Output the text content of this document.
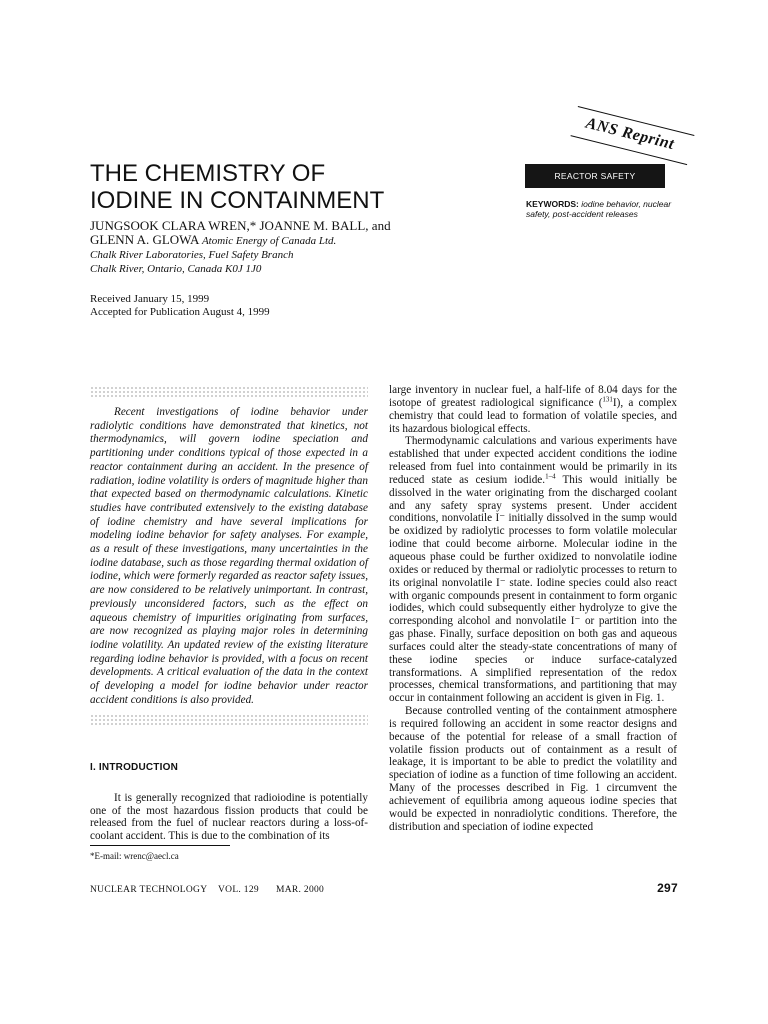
ANS Reprint
THE CHEMISTRY OF IODINE IN CONTAINMENT
REACTOR SAFETY
KEYWORDS: iodine behavior, nuclear safety, post-accident releases
JUNGSOOK CLARA WREN,* JOANNE M. BALL, and
GLENN A. GLOWA Atomic Energy of Canada Ltd.
Chalk River Laboratories, Fuel Safety Branch
Chalk River, Ontario, Canada K0J 1J0
Received January 15, 1999
Accepted for Publication August 4, 1999

Recent investigations of iodine behavior under radiolytic conditions have demonstrated that kinetics, not thermodynamics, will govern iodine speciation and partitioning under conditions typical of those expected in a reactor containment during an accident. In the presence of radiation, iodine volatility is orders of magnitude higher than that expected based on thermodynamic calculations. Kinetic studies have contributed extensively to the existing database of iodine chemistry and have several implications for modeling iodine behavior for safety analyses. For example, as a result of these investigations, many uncertainties in the iodine database, such as those regarding thermal oxidation of iodine, which were formerly regarded as reactor safety issues, are now considered to be relatively unimportant. In contrast, previously unconsidered factors, such as the effect on aqueous chemistry of impurities originating from surfaces, are now recognized as playing major roles in determining iodine volatility. An updated review of the existing literature regarding iodine behavior is provided, with a focus on recent developments. A critical evaluation of the data in the context of developing a model for iodine behavior under reactor accident conditions is also provided.

I. INTRODUCTION

It is generally recognized that radioiodine is potentially one of the most hazardous fission products that could be released from the fuel of nuclear reactors during a loss-of-coolant accident. This is due to the combination of its

*E-mail: wrenc@aecl.ca

large inventory in nuclear fuel, a half-life of 8.04 days for the isotope of greatest radiological significance ($^{131}$I), a complex chemistry that could lead to formation of volatile species, and its hazardous biological effects.

Thermodynamic calculations and various experiments have established that under expected accident conditions the iodine released from fuel into containment would be primarily in its reduced state as cesium iodide.$^{1-4}$ This would initially be dissolved in the water originating from the discharged coolant and any safety spray systems present. Under accident conditions, nonvolatile I⁻ initially dissolved in the sump would be oxidized by radiolytic processes to form volatile molecular iodine that could become airborne. Molecular iodine in the aqueous phase could be further oxidized to nonvolatile iodine oxides or reduced by thermal or radiolytic processes to return to its original nonvolatile I⁻ state. Iodine species could also react with organic compounds present in containment to form organic iodides, which could subsequently either hydrolyze to give the corresponding alcohol and nonvolatile I⁻ or partition into the gas phase. Finally, surface deposition on both gas and aqueous surfaces could alter the steady-state concentrations of many of these iodine species or induce surface-catalyzed transformations. A simplified representation of the redox processes, chemical transformations, and partitioning that may occur in containment following an accident is given in Fig. 1.

Because controlled venting of the containment atmosphere is required following an accident in some reactor designs and because of the potential for release of a small fraction of volatile fission products out of containment as a result of leakage, it is important to be able to predict the volatility and speciation of iodine as a function of time following an accident. Many of the processes described in Fig. 1 circumvent the achievement of equilibria among aqueous iodine species that would be expected in nonradiolytic conditions. Therefore, the distribution and speciation of iodine expected

NUCLEAR TECHNOLOGY	VOL. 129	MAR. 2000	297
